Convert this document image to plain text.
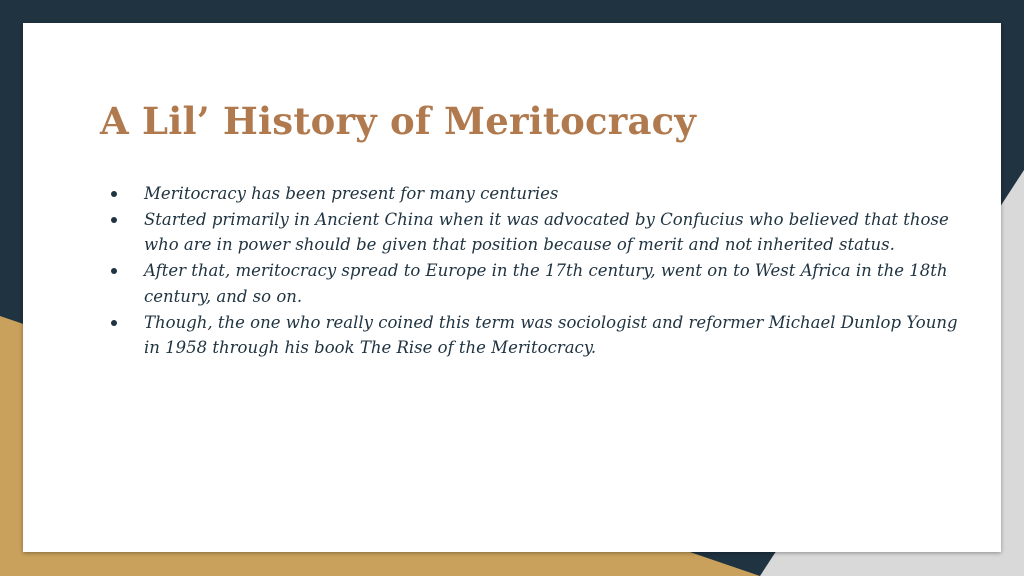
A Lil’ History of Meritocracy
Meritocracy has been present for many centuries
Started primarily in Ancient China when it was advocated by Confucius who believed that those who are in power should be given that position because of merit and not inherited status.
After that, meritocracy spread to Europe in the 17th century, went on to West Africa in the 18th century, and so on.
Though, the one who really coined this term was sociologist and reformer Michael Dunlop Young in 1958 through his book The Rise of the Meritocracy.
